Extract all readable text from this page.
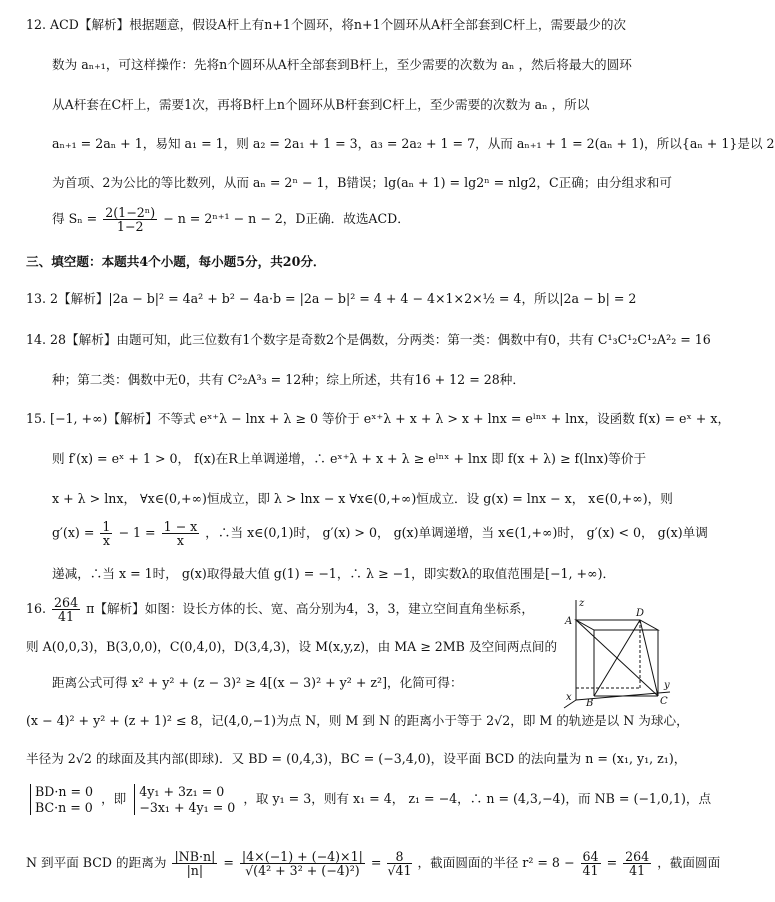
12. ACD【解析】根据题意，假设A杆上有n+1个圆环，将n+1个圆环从A杆全部套到C杆上，需要最少的次
数为 aₙ₊₁，可这样操作：先将n个圆环从A杆全部套到B杆上，至少需要的次数为 aₙ ，然后将最大的圆环
从A杆套在C杆上，需要1次，再将B杆上n个圆环从B杆套到C杆上，至少需要的次数为 aₙ ，所以
aₙ₊₁ = 2aₙ + 1，易知 a₁ = 1，则 a₂ = 2a₁ + 1 = 3，a₃ = 2a₂ + 1 = 7，从而 aₙ₊₁ + 1 = 2(aₙ + 1)，所以{aₙ + 1}是以 2
为首项、2为公比的等比数列，从而 aₙ = 2ⁿ − 1，B错误；lg(aₙ + 1) = lg2ⁿ = nlg2，C正确；由分组求和可
得 $S_n = \frac{\text{2(1−2ⁿ)}}{1-2} - n = 2^{n+1} - n - 2$，D正确．故选ACD．
三、填空题：本题共4个小题，每小题5分，共20分．
13. 2【解析】|2a − b|² = 4a² + b² − 4a·b = |2a − b|² = 4 + 4 − 4×1×2×½ = 4，所以|2a − b| = 2
14. 28【解析】由题可知，此三位数有1个数字是奇数2个是偶数，分两类：第一类：偶数中有0，共有 C¹₃C¹₂C¹₂A²₂ = 16
种；第二类：偶数中无0，共有 C²₂A³₃ = 12种；综上所述，共有16 + 12 = 28种．
15. [−1, +∞)【解析】不等式 eˣ⁺λ − lnx + λ ≥ 0 等价于 eˣ⁺λ + x + λ > x + lnx = eˡⁿˣ + lnx，设函数 f(x) = eˣ + x，
则 f′(x) = eˣ + 1 > 0， f(x)在R上单调递增，∴ eˣ⁺λ + x + λ ≥ eˡⁿˣ + lnx 即 f(x + λ) ≥ f(lnx)等价于
x + λ > lnx， ∀x∈(0,+∞)恒成立，即 λ > lnx − x ∀x∈(0,+∞)恒成立．设 g(x) = lnx − x， x∈(0,+∞)，则
$g'(x) = \frac{1}{x} - 1 = \frac{1 - x}{x}$ ，∴当 x∈(0,1)时， g′(x) > 0， g(x)单调递增，当 x∈(1,+∞)时， g′(x) < 0， g(x)单调
递减，∴当 x = 1时， g(x)取得最大值 g(1) = −1，∴ λ ≥ −1，即实数λ的取值范围是[−1, +∞)．
16. $\frac{264}{41}$ π【解析】如图：设长方体的长、宽、高分别为4，3，3，建立空间直角坐标系，
则 A(0,0,3)，B(3,0,0)，C(0,4,0)，D(3,4,3)，设 M(x,y,z)，由 MA ≥ 2MB 及空间两点间的
距离公式可得 x² + y² + (z − 3)² ≥ 4[(x − 3)² + y² + z²]，化简可得：
(x − 4)² + y² + (z + 1)² ≤ 8，记(4,0,−1)为点 N，则 M 到 N 的距离小于等于 2√2，即 M 的轨迹是以 N 为球心，
半径为 2√2 的球面及其内部(即球)．又 BD = (0,4,3)，BC = (−3,4,0)，设平面 BCD 的法向量为 n = (x₁, y₁, z₁)，
BD·n = 0
BC·n = 0
，即 4y₁ + 3z₁ = 0
−3x₁ + 4y₁ = 0
，取 y₁ = 3，则有 x₁ = 4， z₁ = −4，∴ n = (4,3,−4)，而 NB = (−1,0,1)，点
N 到平面 BCD 的距离为 $\frac{|NB\cdot n|}{|n|} = \frac{|4\times(-1) + (-4)\times 1|}{\text{√(4² + 3² + (−4)²)}} = \frac{8}{√41}$ ，截面圆面的半径 $r^2 = 8 - \frac{64}{41} = \frac{264}{41}$ ，截面圆面
z
D
A
B	C
y
x
